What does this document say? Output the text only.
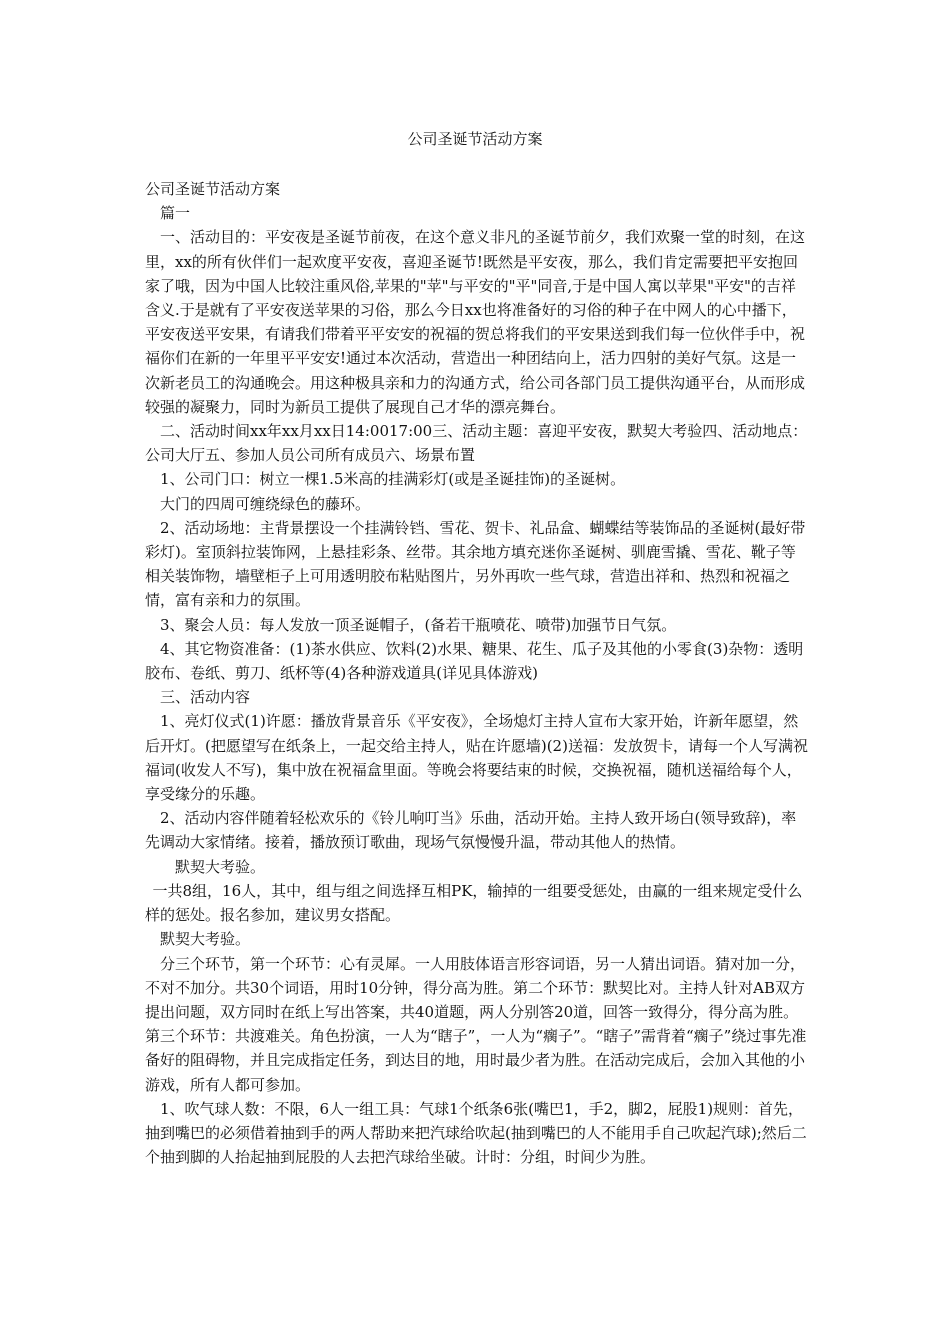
公司圣诞节活动方案

公司圣诞节活动方案

篇一

一、活动目的：平安夜是圣诞节前夜，在这个意义非凡的圣诞节前夕，我们欢聚一堂的时刻，在这里，xx的所有伙伴们一起欢度平安夜，喜迎圣诞节!既然是平安夜，那么，我们肯定需要把平安抱回家了哦，因为中国人比较注重风俗,苹果的"苹"与平安的"平"同音,于是中国人寓以苹果"平安"的吉祥含义.于是就有了平安夜送苹果的习俗，那么今日xx也将准备好的习俗的种子在中网人的心中播下，平安夜送平安果，有请我们带着平平安安的祝福的贺总将我们的平安果送到我们每一位伙伴手中，祝福你们在新的一年里平平安安!通过本次活动，营造出一种团结向上，活力四射的美好气氛。这是一次新老员工的沟通晚会。用这种极具亲和力的沟通方式，给公司各部门员工提供沟通平台，从而形成较强的凝聚力，同时为新员工提供了展现自己才华的漂亮舞台。

二、活动时间xx年xx月xx日14:0017:00三、活动主题：喜迎平安夜，默契大考验四、活动地点：公司大厅五、参加人员公司所有成员六、场景布置

1、公司门口：树立一棵1.5米高的挂满彩灯(或是圣诞挂饰)的圣诞树。

大门的四周可缠绕绿色的藤环。

2、活动场地：主背景摆设一个挂满铃铛、雪花、贺卡、礼品盒、蝴蝶结等装饰品的圣诞树(最好带彩灯)。室顶斜拉装饰网，上悬挂彩条、丝带。其余地方填充迷你圣诞树、驯鹿雪撬、雪花、靴子等相关装饰物，墙壁柜子上可用透明胶布粘贴图片，另外再吹一些气球，营造出祥和、热烈和祝福之情，富有亲和力的氛围。

3、聚会人员：每人发放一顶圣诞帽子，(备若干瓶喷花、喷带)加强节日气氛。

4、其它物资准备：(1)茶水供应、饮料(2)水果、糖果、花生、瓜子及其他的小零食(3)杂物：透明胶布、卷纸、剪刀、纸杯等(4)各种游戏道具(详见具体游戏)

三、活动内容

1、亮灯仪式(1)许愿：播放背景音乐《平安夜》，全场熄灯主持人宣布大家开始，许新年愿望，然后开灯。(把愿望写在纸条上，一起交给主持人，贴在许愿墙)(2)送福：发放贺卡，请每一个人写满祝福词(收发人不写)，集中放在祝福盒里面。等晚会将要结束的时候，交换祝福，随机送福给每个人，享受缘分的乐趣。

2、活动内容伴随着轻松欢乐的《铃儿响叮当》乐曲，活动开始。主持人致开场白(领导致辞)，率先调动大家情绪。接着，播放预订歌曲，现场气氛慢慢升温，带动其他人的热情。

默契大考验。

一共8组，16人，其中，组与组之间选择互相PK，输掉的一组要受惩处，由赢的一组来规定受什么样的惩处。报名参加，建议男女搭配。

默契大考验。

分三个环节，第一个环节：心有灵犀。一人用肢体语言形容词语，另一人猜出词语。猜对加一分，不对不加分。共30个词语，用时10分钟，得分高为胜。第二个环节：默契比对。主持人针对AB双方提出问题，双方同时在纸上写出答案，共40道题，两人分别答20道，回答一致得分，得分高为胜。第三个环节：共渡难关。角色扮演，一人为“瞎子”，一人为“瘸子”。“瞎子”需背着“瘸子”绕过事先准备好的阻碍物，并且完成指定任务，到达目的地，用时最少者为胜。在活动完成后，会加入其他的小游戏，所有人都可参加。

1、吹气球人数：不限，6人一组工具：气球1个纸条6张(嘴巴1，手2，脚2，屁股1)规则：首先，抽到嘴巴的必须借着抽到手的两人帮助来把汽球给吹起(抽到嘴巴的人不能用手自己吹起汽球);然后二个抽到脚的人抬起抽到屁股的人去把汽球给坐破。计时：分组，时间少为胜。
